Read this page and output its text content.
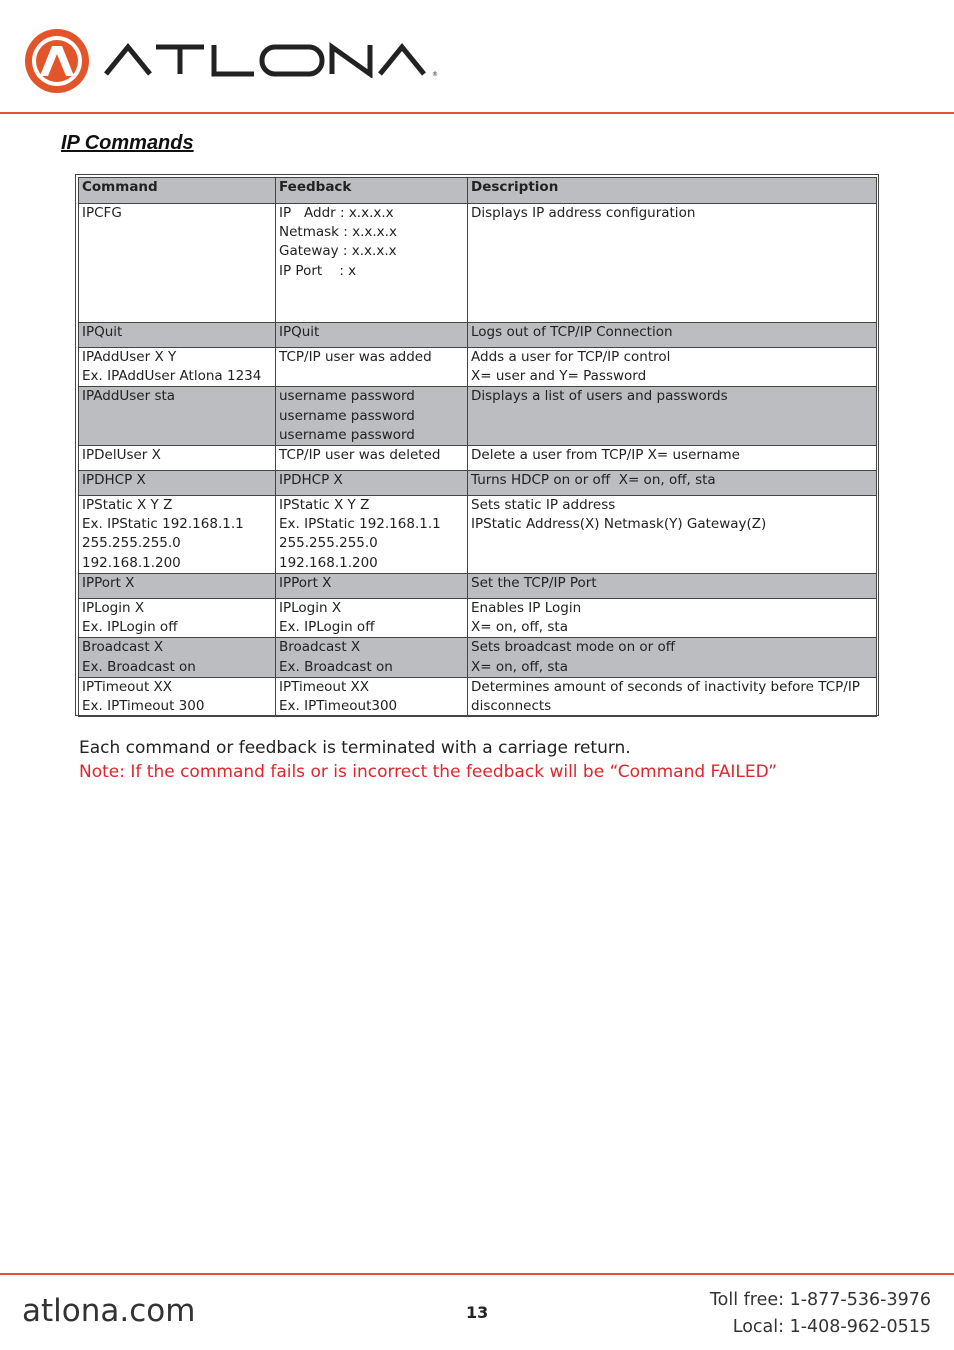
®
IP Commands
Command	Feedback	Description

IPCFG	IP   Addr : x.x.x.x
Netmask : x.x.x.x
Gateway : x.x.x.x
IP Port    : x	Displays IP address configuration

IPQuit	IPQuit	Logs out of TCP/IP Connection

IPAddUser X Y
Ex. IPAddUser Atlona 1234	TCP/IP user was added	Adds a user for TCP/IP control
X= user and Y= Password

IPAddUser sta	username password
username password
username password	Displays a list of users and passwords

IPDelUser X	TCP/IP user was deleted	Delete a user from TCP/IP X= username

IPDHCP X	IPDHCP X	Turns HDCP on or off  X= on, off, sta

IPStatic X Y Z
Ex. IPStatic 192.168.1.1
255.255.255.0
192.168.1.200	IPStatic X Y Z
Ex. IPStatic 192.168.1.1
255.255.255.0
192.168.1.200	Sets static IP address
IPStatic Address(X) Netmask(Y) Gateway(Z)

IPPort X	IPPort X	Set the TCP/IP Port

IPLogin X
Ex. IPLogin off	IPLogin X
Ex. IPLogin off	Enables IP Login
X= on, off, sta

Broadcast X
Ex. Broadcast on	Broadcast X
Ex. Broadcast on	Sets broadcast mode on or off
X= on, off, sta

IPTimeout XX
Ex. IPTimeout 300	IPTimeout XX
Ex. IPTimeout300	Determines amount of seconds of inactivity before TCP/IP
disconnects
Each command or feedback is terminated with a carriage return.
Note: If the command fails or is incorrect the feedback will be “Command FAILED”
atlona.com	13
Toll free: 1-877-536-3976
Local: 1-408-962-0515
